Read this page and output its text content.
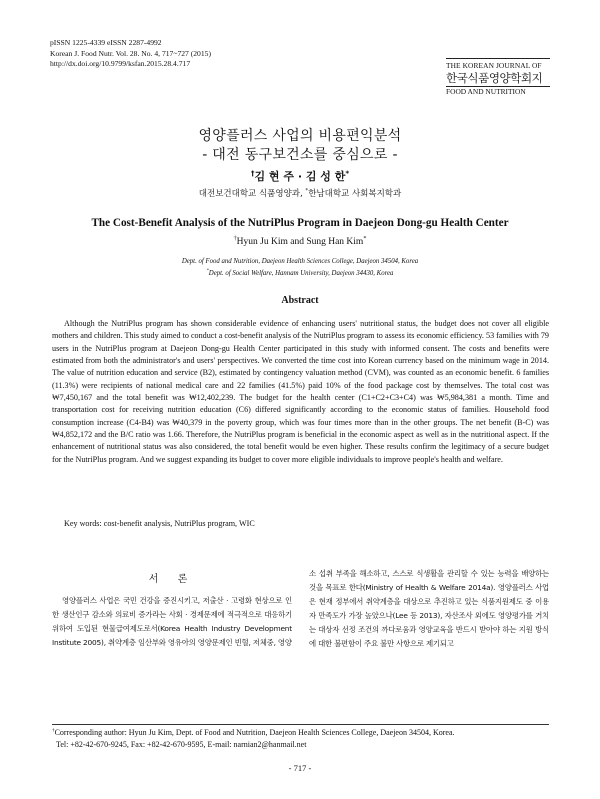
pISSN 1225-4339 eISSN 2287-4992
Korean J. Food Nutr. Vol. 28. No. 4, 717~727 (2015)
http://dx.doi.org/10.9799/ksfan.2015.28.4.717	THE KOREAN JOURNAL OF
한국식품영양학회지
FOOD AND NUTRITION
영양플러스 사업의 비용편익분석
- 대전 동구보건소를 중심으로 -
†김 현 주 · 김 성 한*
대전보건대학교 식품영양과, *한남대학교 사회복지학과
The Cost-Benefit Analysis of the NutriPlus Program in Daejeon Dong-gu Health Center
†Hyun Ju Kim and Sung Han Kim*
Dept. of Food and Nutrition, Daejeon Health Sciences College, Daejeon 34504, Korea
*Dept. of Social Welfare, Hannam University, Daejeon 34430, Korea
Abstract

Although the NutriPlus program has shown considerable evidence of enhancing users' nutritional status, the budget does not cover all eligible mothers and children. This study aimed to conduct a cost-benefit analysis of the NutriPlus program to assess its economic efficiency. 53 families with 79 users in the NutriPlus program at Daejeon Dong-gu Health Center participated in this study with informed consent. The costs and benefits were estimated from both the administrator's and users' perspectives. We converted the time cost into Korean currency based on the minimum wage in 2014. The value of nutrition education and service (B2), estimated by contingency valuation method (CVM), was counted as an economic benefit. 6 families (11.3%) were recipients of national medical care and 22 families (41.5%) paid 10% of the food package cost by themselves. The total cost was ₩7,450,167 and the total benefit was ₩12,402,239. The budget for the health center (C1+C2+C3+C4) was ₩5,984,381 a month. Time and transportation cost for receiving nutrition education (C6) differed significantly according to the economic status of families. Household food consumption increase (C4-B4) was ₩40,379 in the poverty group, which was four times more than in the other groups. The net benefit (B-C) was ₩4,852,172 and the B/C ratio was 1.66. Therefore, the NutriPlus program is beneficial in the economic aspect as well as in the nutritional aspect. If the enhancement of nutritional status was also considered, the total benefit would be even higher. These results confirm the legitimacy of a secure budget for the NutriPlus program. And we suggest expanding its budget to cover more eligible individuals to improve people's health and welfare.

Key words: cost-benefit analysis, NutriPlus program, WIC
서 론

영양플러스 사업은 국민 건강을 증진시키고, 저출산 · 고령화 현상으로 인한 생산인구 감소와 의료비 증가라는 사회 · 경제문제에 적극적으로 대응하기 위하여 도입된 현물급여제도로서(Korea Health Industry Development Institute 2005), 취약계층 임산부와 영유아의 영양문제인 빈혈, 저체중, 영양

소 섭취 부족을 해소하고, 스스로 식생활을 관리할 수 있는 능력을 배양하는 것을 목표로 한다(Ministry of Health & Welfare 2014a). 영양플러스 사업은 현재 정부에서 취약계층을 대상으로 추진하고 있는 식품지원제도 중 이용자 만족도가 가장 높았으나(Lee 등 2013), 자산조사 외에도 영양평가를 거치는 대상자 선정 조건의 까다로움과 영양교육을 반드시 받아야 하는 지원 방식에 대한 불편함이 주요 불만 사항으로 제기되고

†Corresponding author: Hyun Ju Kim, Dept. of Food and Nutrition, Daejeon Health Sciences College, Daejeon 34504, Korea.
Tel: +82-42-670-9245, Fax: +82-42-670-9595, E-mail: narnian2@hanmail.net
- 717 -
